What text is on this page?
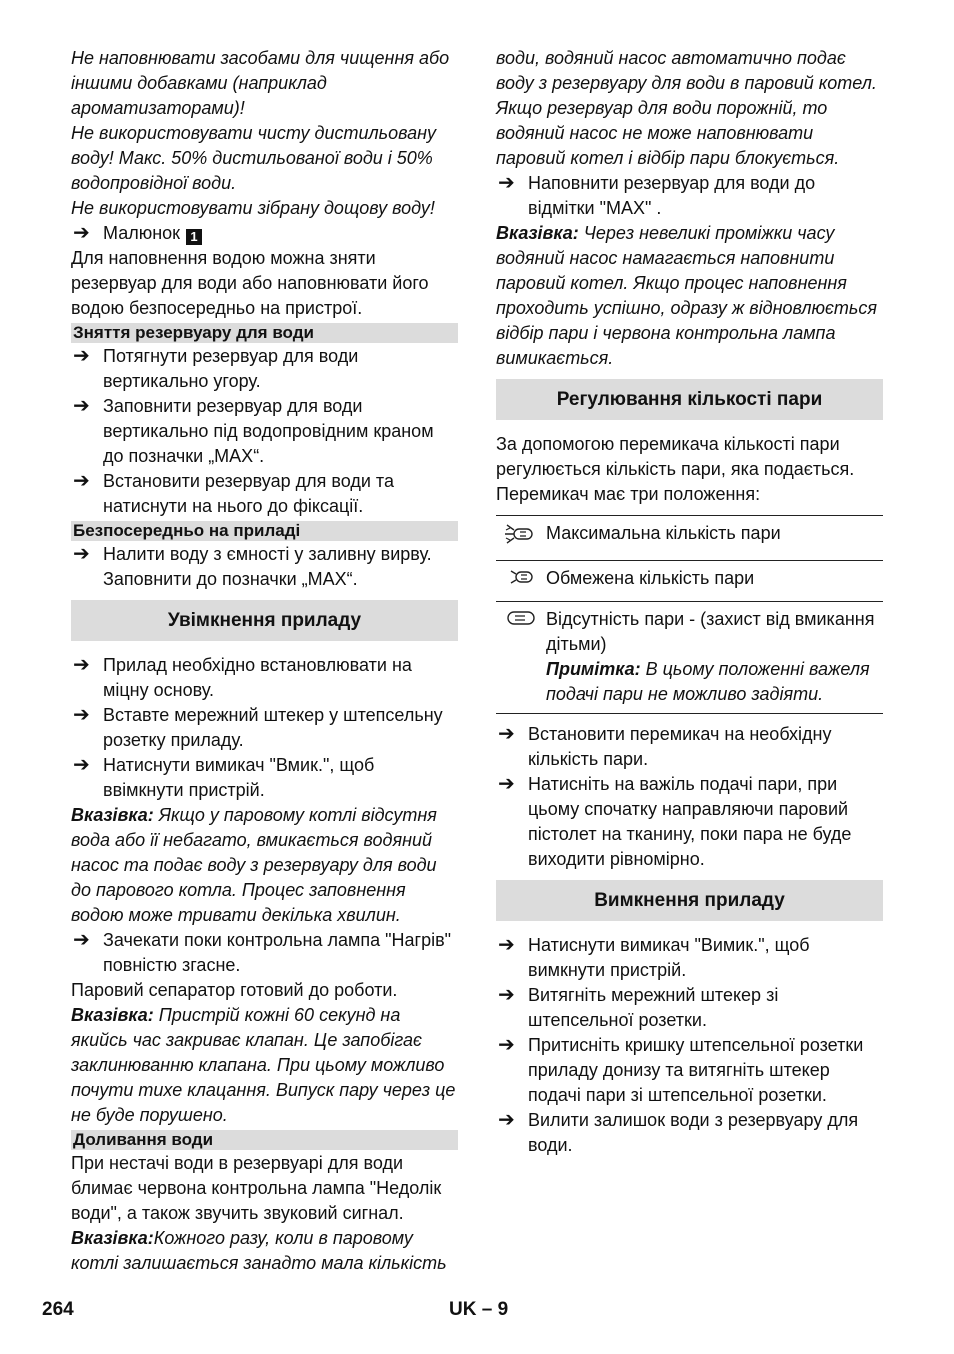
Не наповнювати засобами для чищення або іншими добавками (наприклад ароматизаторами)!

Не використовувати чисту дистильовану воду! Макс. 50% дистильованої води і 50% водопровідної води.

Не використовувати зібрану дощову воду!

➔ Малюнок 1

Для наповнення водою можна зняти резервуар для води або наповнювати його водою безпосередньо на пристрої.

Зняття резервуару для води

➔ Потягнути резервуар для води вертикально угору.

➔ Заповнити резервуар для води вертикально під водопровідним краном до позначки „MAX“.

➔ Встановити резервуар для води та натиснути на нього до фіксації.

Безпосередньо на приладі

➔ Налити воду з ємності у заливну вирву. Заповнити до позначки „MAX“.

Увімкнення приладу

➔ Прилад необхідно встановлювати на міцну основу.

➔ Вставте мережний штекер у штепсельну розетку приладу.

➔ Натиснути вимикач "Вмик.", щоб ввімкнути пристрій.

Вказівка: Якщо у паровому котлі відсутня вода або її небагато, вмикається водяний насос та подає воду з резервуару для води до парового котла. Процес заповнення водою може тривати декілька хвилин.

➔ Зачекати поки контрольна лампа "Нагрів" повністю згасне.

Паровий сепаратор готовий до роботи.

Вказівка: Пристрій кожні 60 секунд на якийсь час закриває клапан. Це запобігає заклинюванню клапана. При цьому можливо почути тихе клацання. Випуск пару через це не буде порушено.

Доливання води

При нестачі води в резервуарі для води блимає червона контрольна лампа "Недолік води", а також звучить звуковий сигнал.

Вказівка:Кожного разу, коли в паровому котлі залишається занадто мала кількість

води, водяний насос автоматично подає воду з резервуару для води в паровий котел. Якщо резервуар для води порожній, то водяний насос не може наповнювати паровий котел і відбір пари блокується.

➔ Наповнити резервуар для води до відмітки "MAX" .

Вказівка: Через невеликі проміжки часу водяний насос намагається наповнити паровий котел. Якщо процес наповнення проходить успішно, одразу ж відновлюється відбір пари і червона контрольна лампа вимикається.

Регулювання кількості пари

За допомогою перемикача кількості пари регулюється кількість пари, яка подається. Перемикач має три положення:

	Максимальна кількість пари
	Обмежена кількість пари

Відсутність пари - (захист від вмикання дітьми)
Примітка: В цьому положенні важеля подачі пари не можливо задіяти.

➔ Встановити перемикач на необхідну кількість пари.

➔ Натисніть на важіль подачі пари, при цьому спочатку направляючи паровий пістолет на тканину, поки пара не буде виходити рівномірно.

Вимкнення приладу

➔ Натиснути вимикач "Вимик.", щоб вимкнути пристрій.

➔ Витягніть мережний штекер зі штепсельної розетки.

➔ Притисніть кришку штепсельної розетки приладу донизу та витягніть штекер подачі пари зі штепсельної розетки.

➔ Вилити залишок води з резервуару для води.

264	UK – 9
